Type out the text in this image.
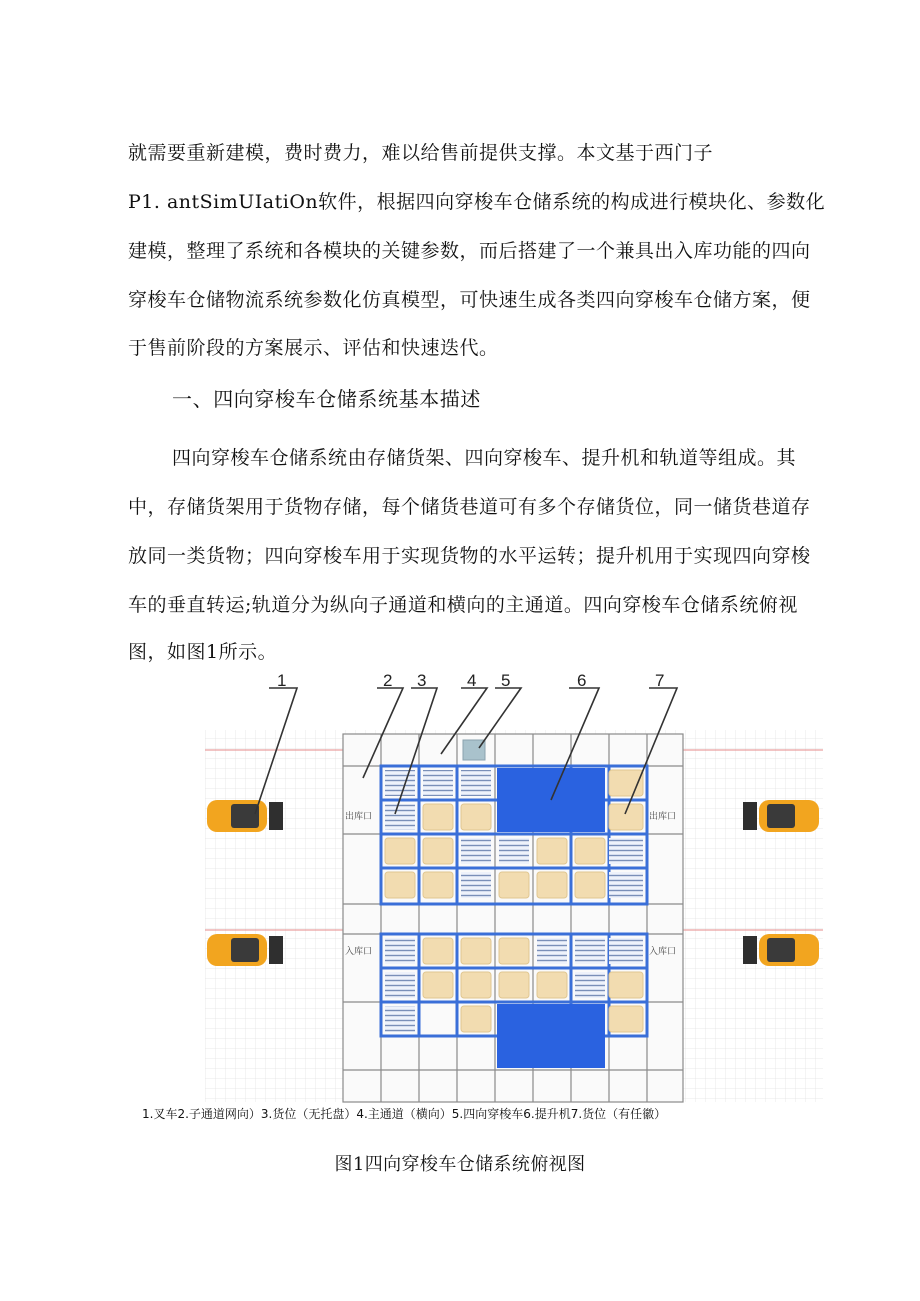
就需要重新建模，费时费力，难以给售前提供支撑。本文基于西门子
P1. antSimUIatiOn软件，根据四向穿梭车仓储系统的构成进行模块化、参数化
建模，整理了系统和各模块的关键参数，而后搭建了一个兼具出入库功能的四向
穿梭车仓储物流系统参数化仿真模型，可快速生成各类四向穿梭车仓储方案，便
于售前阶段的方案展示、评估和快速迭代。
一、四向穿梭车仓储系统基本描述
四向穿梭车仓储系统由存储货架、四向穿梭车、提升机和轨道等组成。其
中，存储货架用于货物存储，每个储货巷道可有多个存储货位，同一储货巷道存
放同一类货物；四向穿梭车用于实现货物的水平运转；提升机用于实现四向穿梭
车的垂直转运;轨道分为纵向子通道和横向的主通道。四向穿梭车仓储系统俯视
图，如图1所示。
出库口	出库口
入库口	入库口
1	2 3 4 5	6	7
1.叉车2.子通道网向）3.货位（无托盘）4.主通道（横向）5.四向穿梭车6.提升机7.货位（有任徽）
图1四向穿梭车仓储系统俯视图
